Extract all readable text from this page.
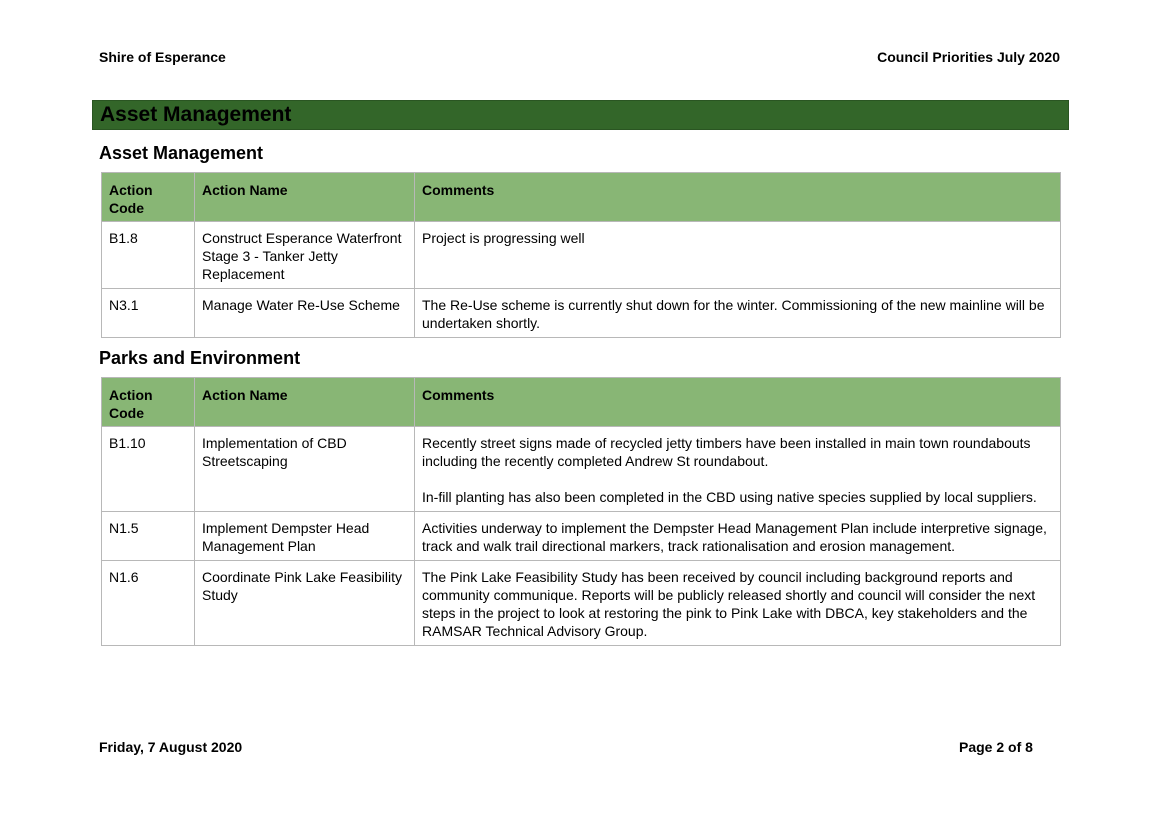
Shire of Esperance	Council Priorities July 2020
Asset Management
Asset Management
Action Code	Action Name	Comments
B1.8	Construct Esperance Waterfront Stage 3 - Tanker Jetty Replacement	Project is progressing well

N3.1	Manage Water Re-Use Scheme	The Re-Use scheme is currently shut down for the winter. Commissioning of the new mainline will be undertaken shortly.
Parks and Environment
Action Code	Action Name	Comments
B1.10	Implementation of CBD Streetscaping	Recently street signs made of recycled jetty timbers have been installed in main town roundabouts including the recently completed Andrew St roundabout.
In-fill planting has also been completed in the CBD using native species supplied by local suppliers.

N1.5	Implement Dempster Head Management Plan	Activities underway to implement the Dempster Head Management Plan include interpretive signage, track and walk trail directional markers, track rationalisation and erosion management.

N1.6	Coordinate Pink Lake Feasibility Study	The Pink Lake Feasibility Study has been received by council including background reports and community communique. Reports will be publicly released shortly and council will consider the next steps in the project to look at restoring the pink to Pink Lake with DBCA, key stakeholders and the RAMSAR Technical Advisory Group.
Friday, 7 August 2020	Page 2 of 8
